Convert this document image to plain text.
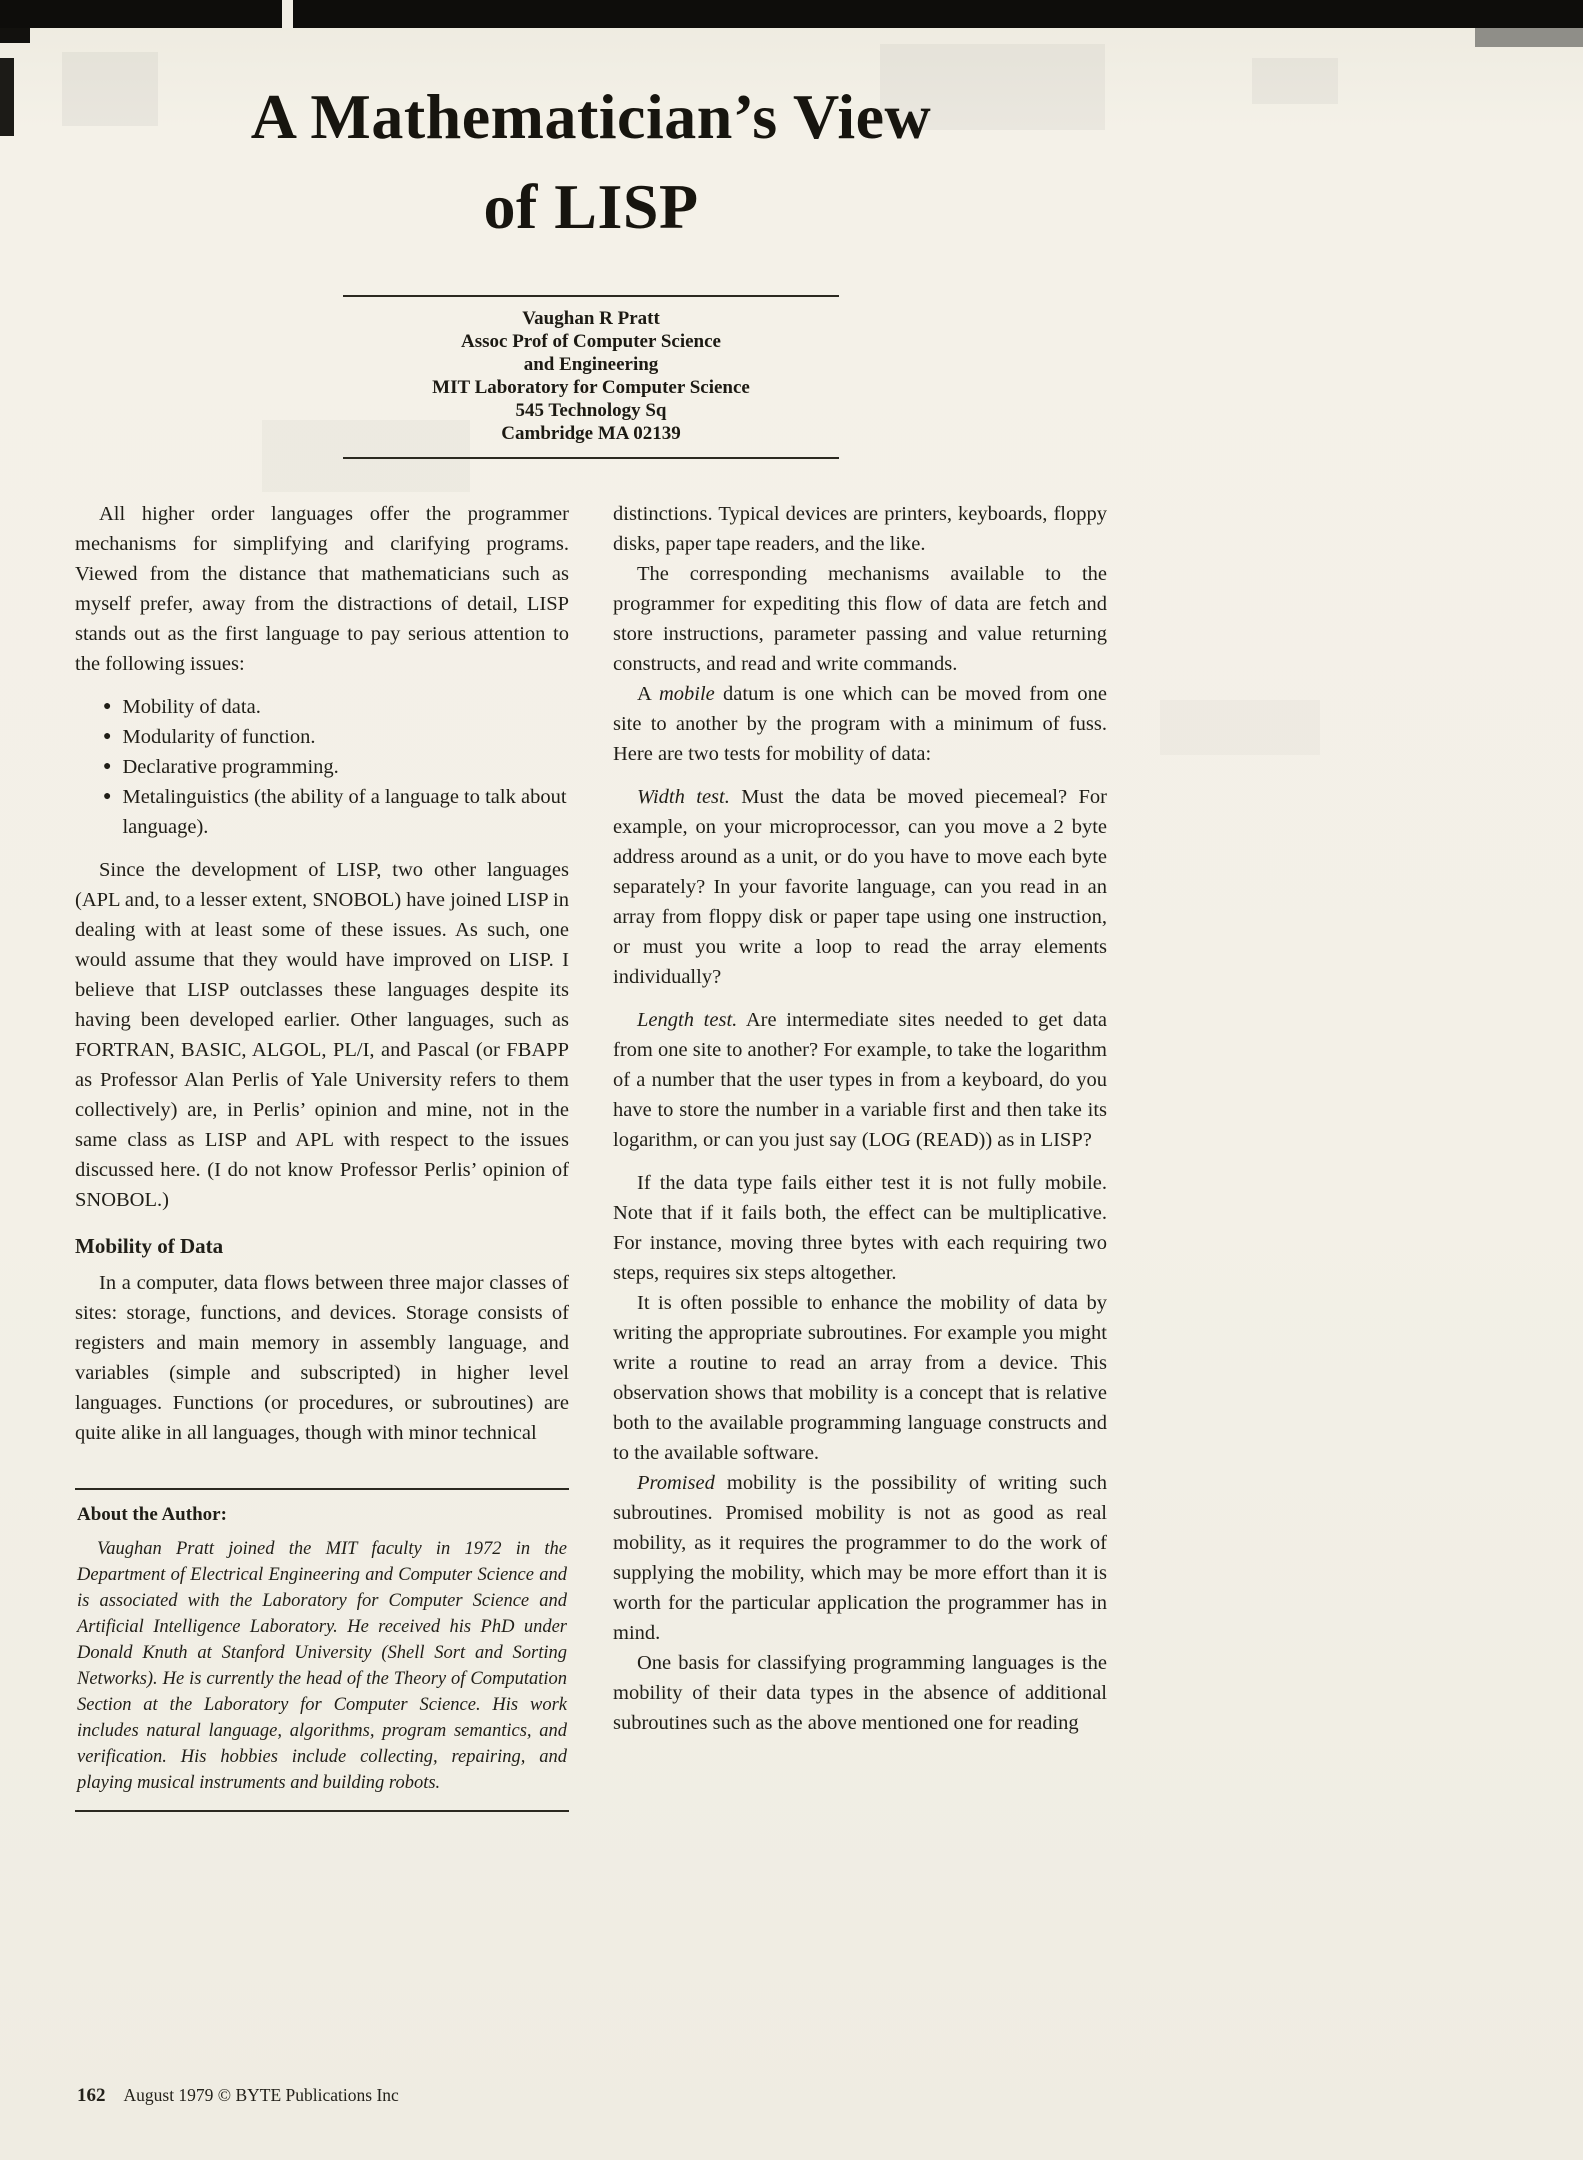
A Mathematician’s View
of LISP
Vaughan R Pratt
Assoc Prof of Computer Science
and Engineering
MIT Laboratory for Computer Science
545 Technology Sq
Cambridge MA 02139

All higher order languages offer the programmer mechanisms for simplifying and clarifying programs. Viewed from the distance that mathematicians such as myself prefer, away from the distractions of detail, LISP stands out as the first language to pay serious attention to the following issues:

● Mobility of data.
● Modularity of function.
● Declarative programming.
● Metalinguistics (the ability of a language to talk about language).

Since the development of LISP, two other languages (APL and, to a lesser extent, SNOBOL) have joined LISP in dealing with at least some of these issues. As such, one would assume that they would have improved on LISP. I believe that LISP outclasses these languages despite its having been developed earlier. Other languages, such as FORTRAN, BASIC, ALGOL, PL/I, and Pascal (or FBAPP as Professor Alan Perlis of Yale University refers to them collectively) are, in Perlis’ opinion and mine, not in the same class as LISP and APL with respect to the issues discussed here. (I do not know Professor Perlis’ opinion of SNOBOL.)

Mobility of Data

In a computer, data flows between three major classes of sites: storage, functions, and devices. Storage consists of registers and main memory in assembly language, and variables (simple and subscripted) in higher level languages. Functions (or procedures, or subroutines) are quite alike in all languages, though with minor technical

About the Author:

Vaughan Pratt joined the MIT faculty in 1972 in the Department of Electrical Engineering and Computer Science and is associated with the Laboratory for Computer Science and Artificial Intelligence Laboratory. He received his PhD under Donald Knuth at Stanford University (Shell Sort and Sorting Networks). He is currently the head of the Theory of Computation Section at the Laboratory for Computer Science. His work includes natural language, algorithms, program semantics, and verification. His hobbies include collecting, repairing, and playing musical instruments and building robots.

distinctions. Typical devices are printers, keyboards, floppy disks, paper tape readers, and the like.

The corresponding mechanisms available to the programmer for expediting this flow of data are fetch and store instructions, parameter passing and value returning constructs, and read and write commands.

A mobile datum is one which can be moved from one site to another by the program with a minimum of fuss. Here are two tests for mobility of data:

Width test. Must the data be moved piecemeal? For example, on your microprocessor, can you move a 2 byte address around as a unit, or do you have to move each byte separately? In your favorite language, can you read in an array from floppy disk or paper tape using one instruction, or must you write a loop to read the array elements individually?

Length test. Are intermediate sites needed to get data from one site to another? For example, to take the logarithm of a number that the user types in from a keyboard, do you have to store the number in a variable first and then take its logarithm, or can you just say (LOG (READ)) as in LISP?

If the data type fails either test it is not fully mobile. Note that if it fails both, the effect can be multiplicative. For instance, moving three bytes with each requiring two steps, requires six steps altogether.

It is often possible to enhance the mobility of data by writing the appropriate subroutines. For example you might write a routine to read an array from a device. This observation shows that mobility is a concept that is relative both to the available programming language constructs and to the available software.

Promised mobility is the possibility of writing such subroutines. Promised mobility is not as good as real mobility, as it requires the programmer to do the work of supplying the mobility, which may be more effort than it is worth for the particular application the programmer has in mind.

One basis for classifying programming languages is the mobility of their data types in the absence of additional subroutines such as the above mentioned one for reading

162 August 1979 © BYTE Publications Inc
